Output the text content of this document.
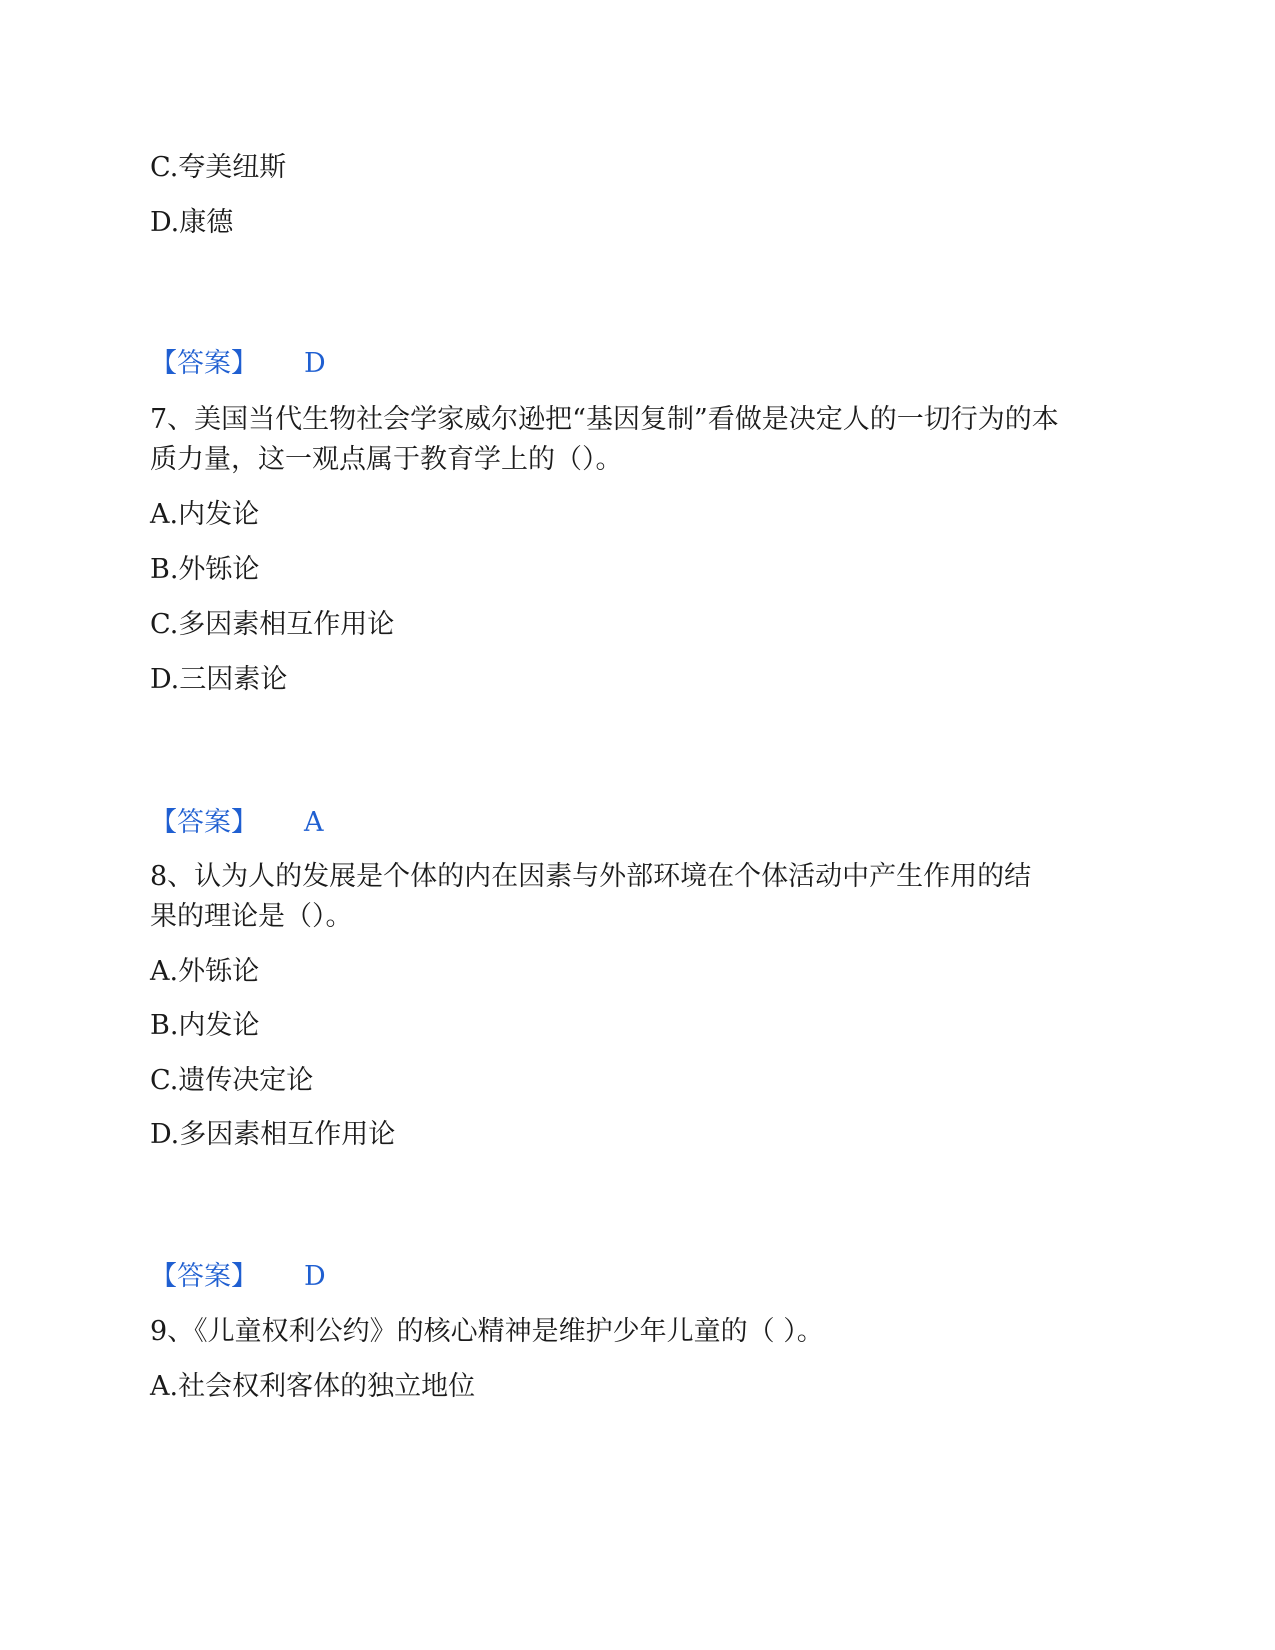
C.夸美纽斯
D.康德
【答案】 D
7、美国当代生物社会学家威尔逊把“基因复制”看做是决定人的一切行为的本
质力量，这一观点属于教育学上的（）。
A.内发论
B.外铄论
C.多因素相互作用论
D.三因素论
【答案】 A
8、认为人的发展是个体的内在因素与外部环境在个体活动中产生作用的结
果的理论是（）。
A.外铄论
B.内发论
C.遗传决定论
D.多因素相互作用论
【答案】 D
9、《儿童权利公约》的核心精神是维护少年儿童的（ ）。
A.社会权利客体的独立地位
